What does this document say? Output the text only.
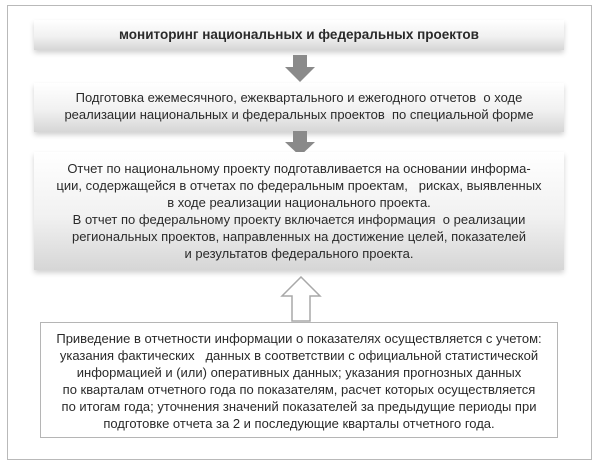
мониторинг национальных и федеральных проектов
Подготовка ежемесячного, ежеквартального и ежегодного отчетов  о ходе
реализации национальных и федеральных проектов  по специальной форме
Отчет по национальному проекту подготавливается на основании информа-
ции, содержащейся в отчетах по федеральным проектам,   рисках, выявленных
в ходе реализации национального проекта.
В отчет по федеральному проекту включается информация  о реализации
региональных проектов, направленных на достижение целей, показателей
и результатов федерального проекта.
Приведение в отчетности информации о показателях осуществляется с учетом:
указания фактических   данных в соответствии с официальной статистической
информацией и (или) оперативных данных; указания прогнозных данных
по кварталам отчетного года по показателям, расчет которых осуществляется
по итогам года; уточнения значений показателей за предыдущие периоды при
подготовке отчета за 2 и последующие кварталы отчетного года.
